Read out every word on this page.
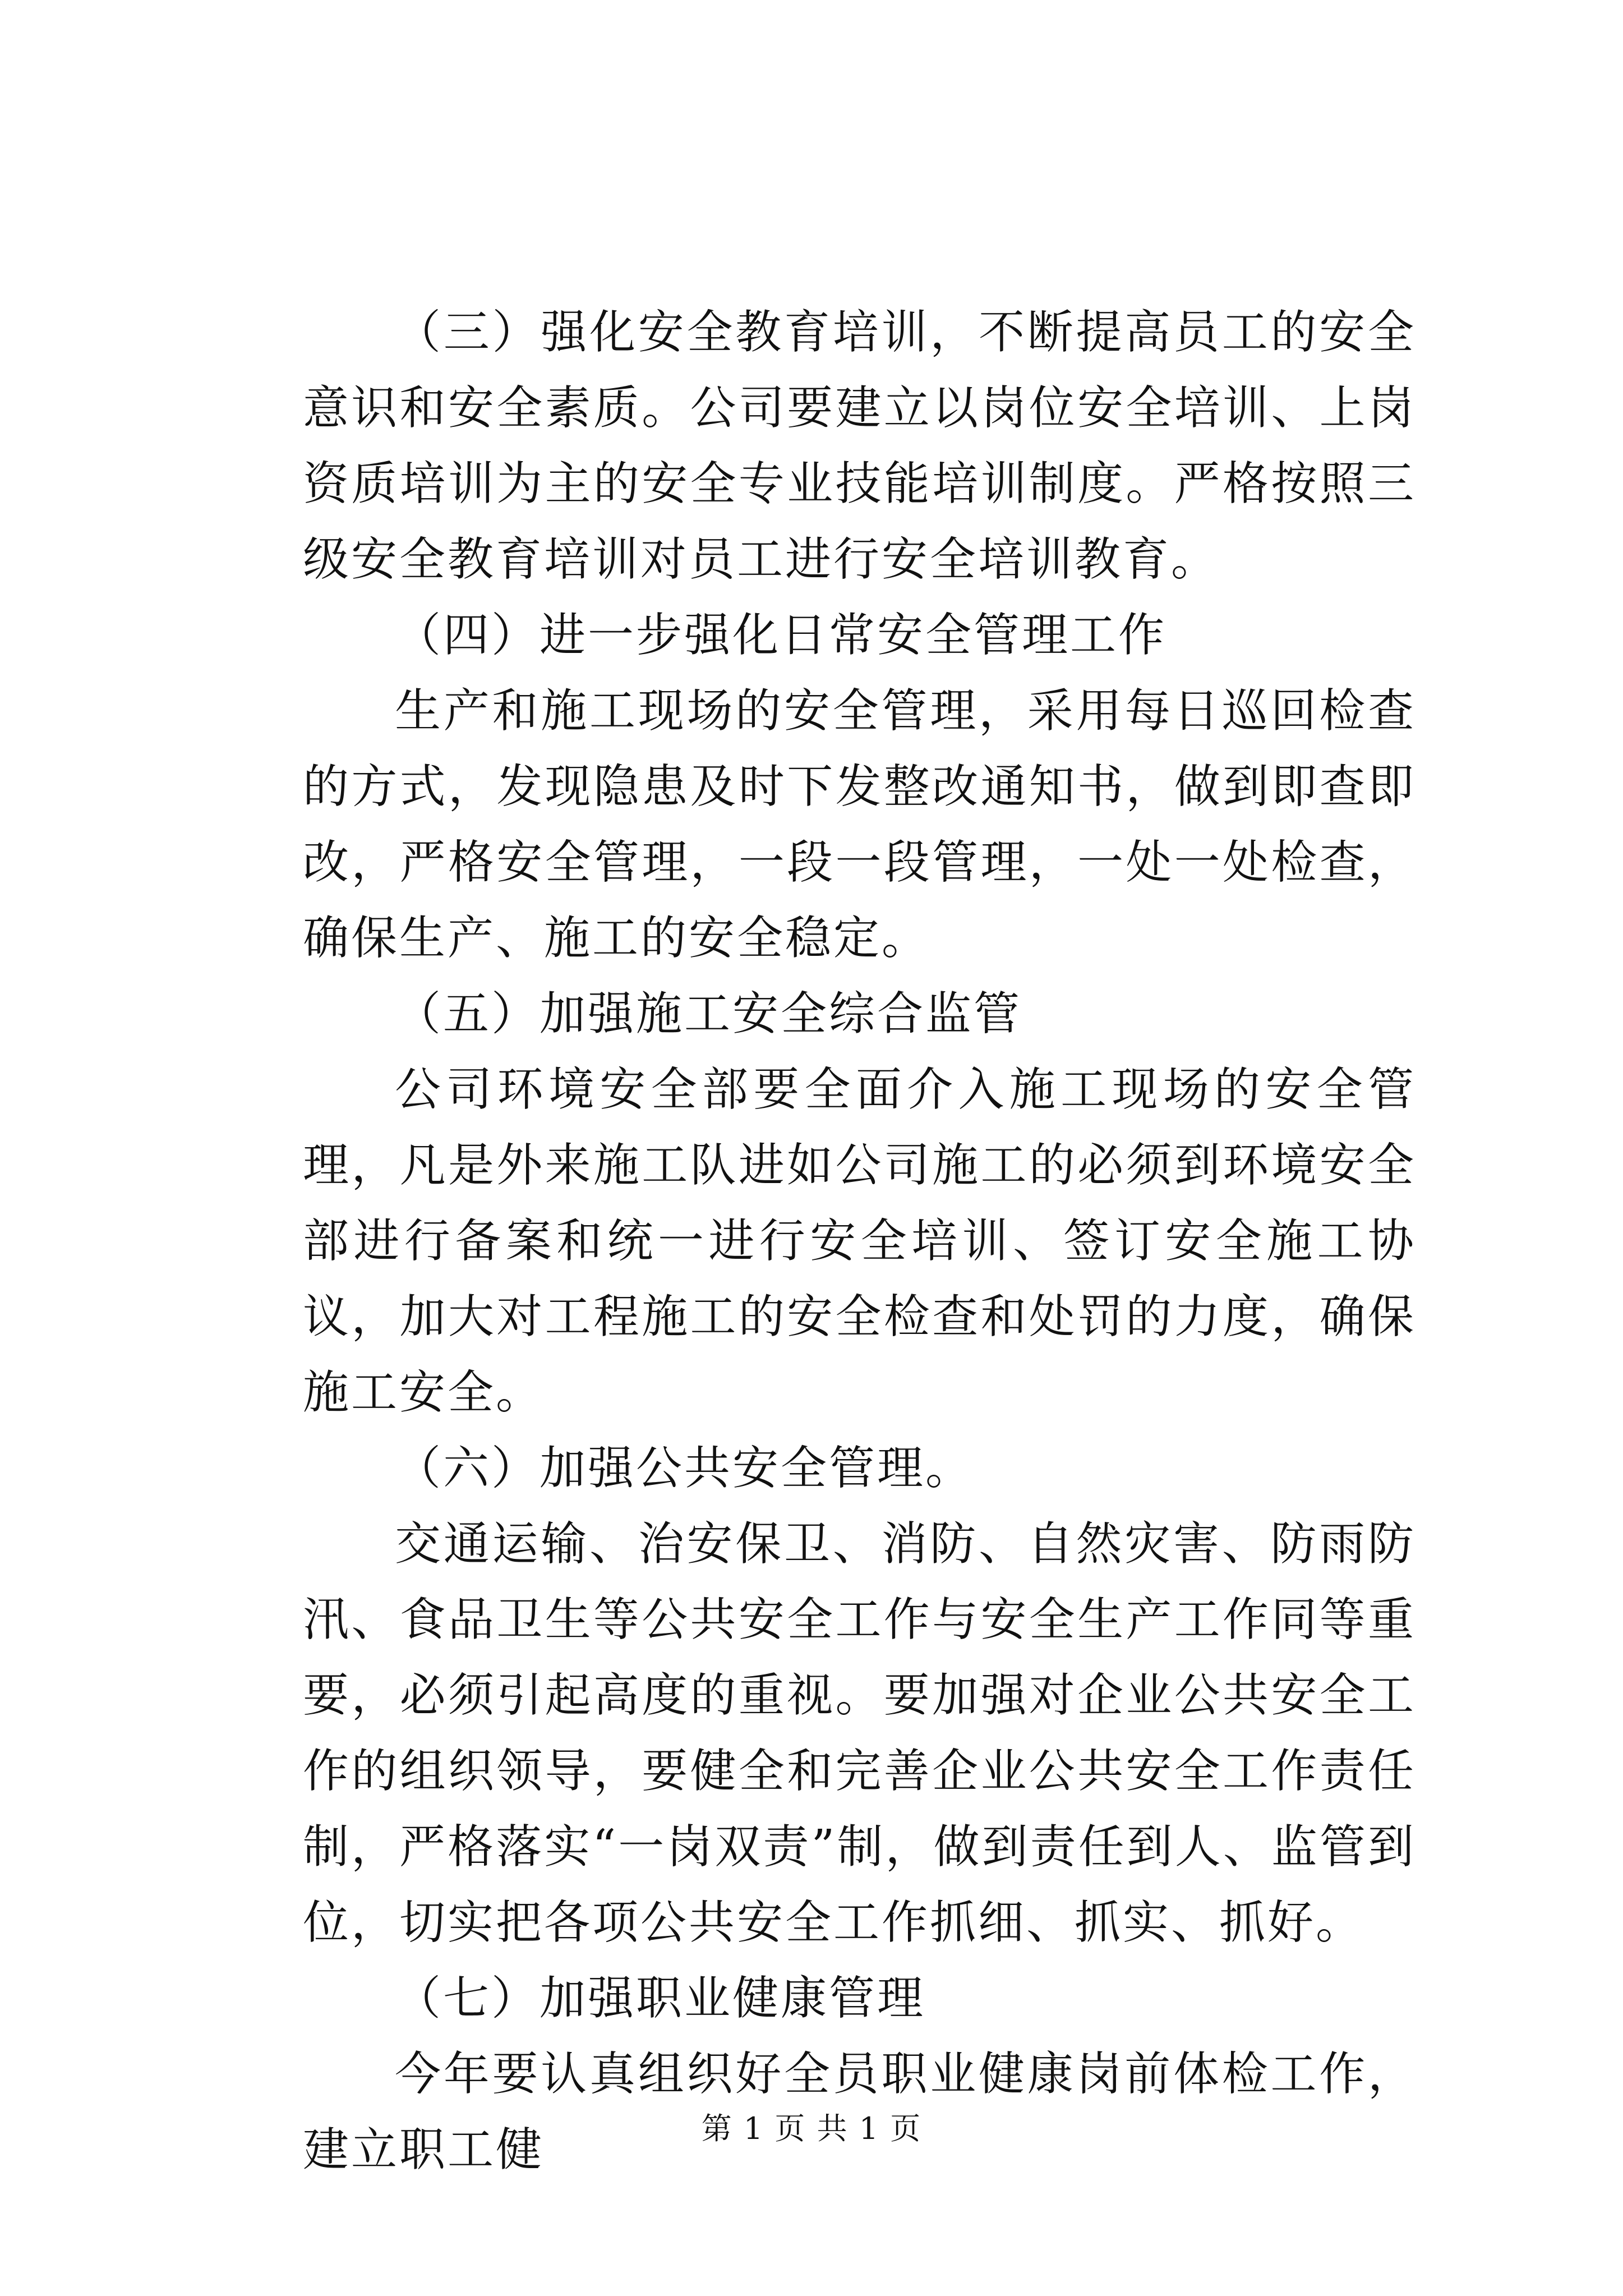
（三）强化安全教育培训，不断提高员工的安全意识和安全素质。公司要建立以岗位安全培训、上岗资质培训为主的安全专业技能培训制度。严格按照三级安全教育培训对员工进行安全培训教育。

（四）进一步强化日常安全管理工作

生产和施工现场的安全管理，采用每日巡回检查的方式，发现隐患及时下发整改通知书，做到即查即改，严格安全管理，一段一段管理，一处一处检查，确保生产、施工的安全稳定。

（五）加强施工安全综合监管

公司环境安全部要全面介入施工现场的安全管理，凡是外来施工队进如公司施工的必须到环境安全部进行备案和统一进行安全培训、签订安全施工协议，加大对工程施工的安全检查和处罚的力度，确保施工安全。

（六）加强公共安全管理。

交通运输、治安保卫、消防、自然灾害、防雨防汛、食品卫生等公共安全工作与安全生产工作同等重要，必须引起高度的重视。要加强对企业公共安全工作的组织领导，要健全和完善企业公共安全工作责任制，严格落实“一岗双责”制，做到责任到人、监管到位，切实把各项公共安全工作抓细、抓实、抓好。

（七）加强职业健康管理

今年要认真组织好全员职业健康岗前体检工作，建立职工健	第 1 页 共 1 页
